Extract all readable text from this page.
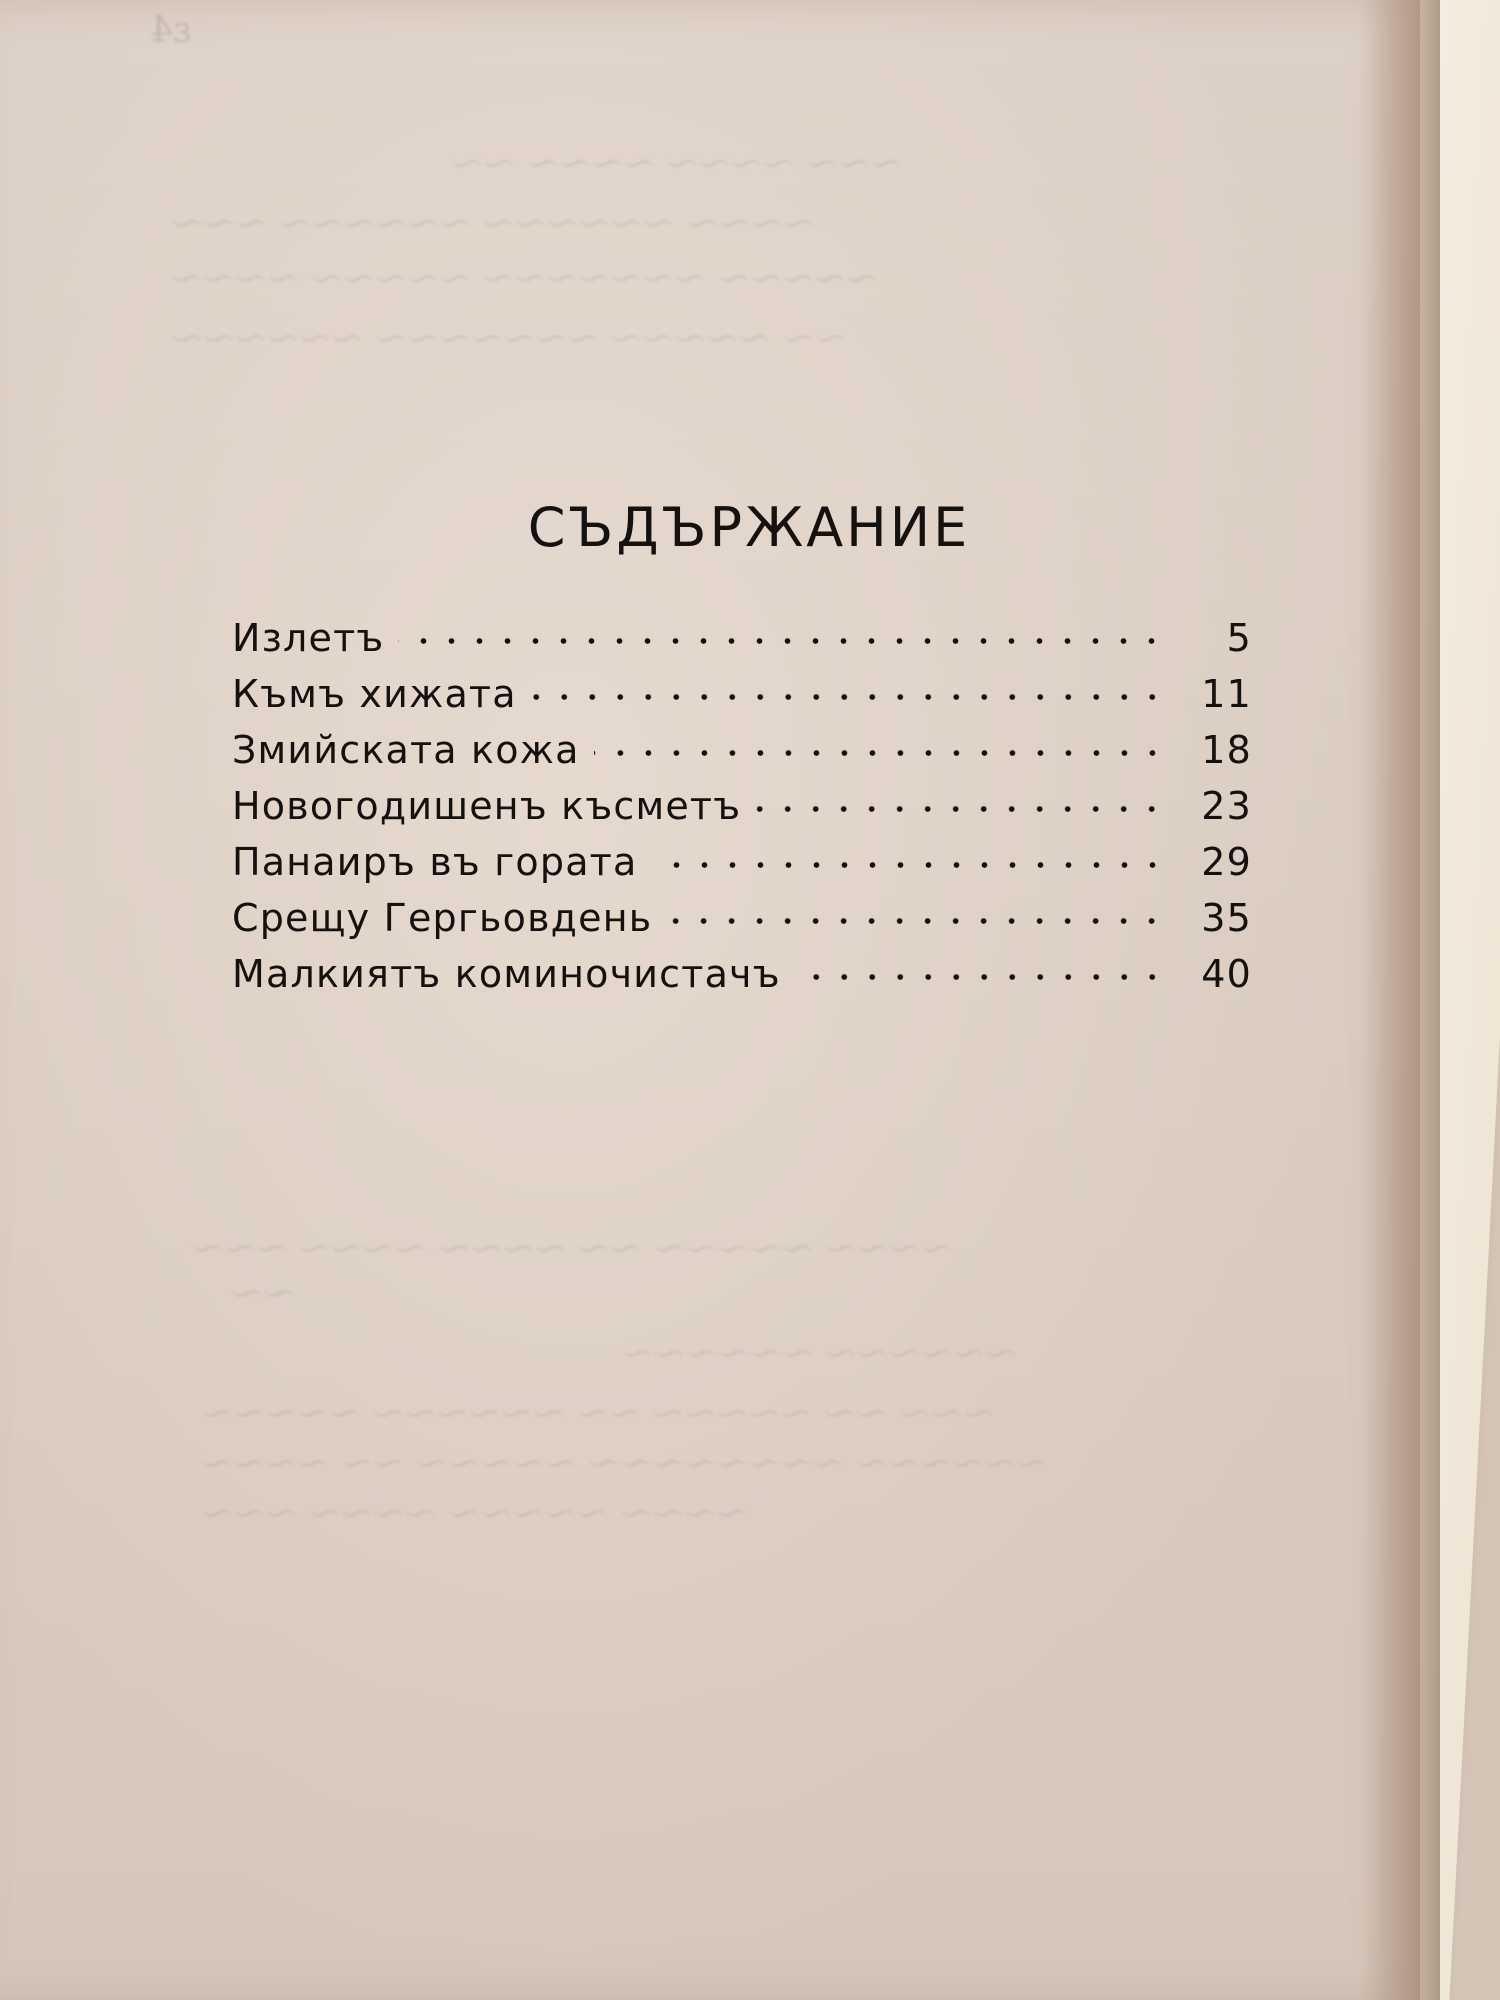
ε4
～～～ ～～～～ ～～～～ ～～
～～～～ ～～～～～～ ～～～～～～ ～～～
～～～～～ ～～～～～～～ ～～～～～ ～～～～
～～ ～～～～～ ～～～～～～～ ～～～～～～
～～～～ ～～～～～ ～～ ～～～～ ～～～～ ～～～
～～
～～～～～～ ～～～～～～
～～～ ～～ ～～～～～ ～～ ～～～～～～ ～～～～～
～～～～～～ ～～～～～～～～ ～～～～～ ～～ ～～～～
～～～～ ～～～～～ ～～～～ ～～～
СЪДЪРЖАНИЕ
Излетъ	5
Къмъ хижата	11
Змийската кожа	18
Новогодишенъ късметъ	23
Панаиръ въ гората	29
Срещу Гергьовдень	35
Малкиятъ коминочистачъ	40
